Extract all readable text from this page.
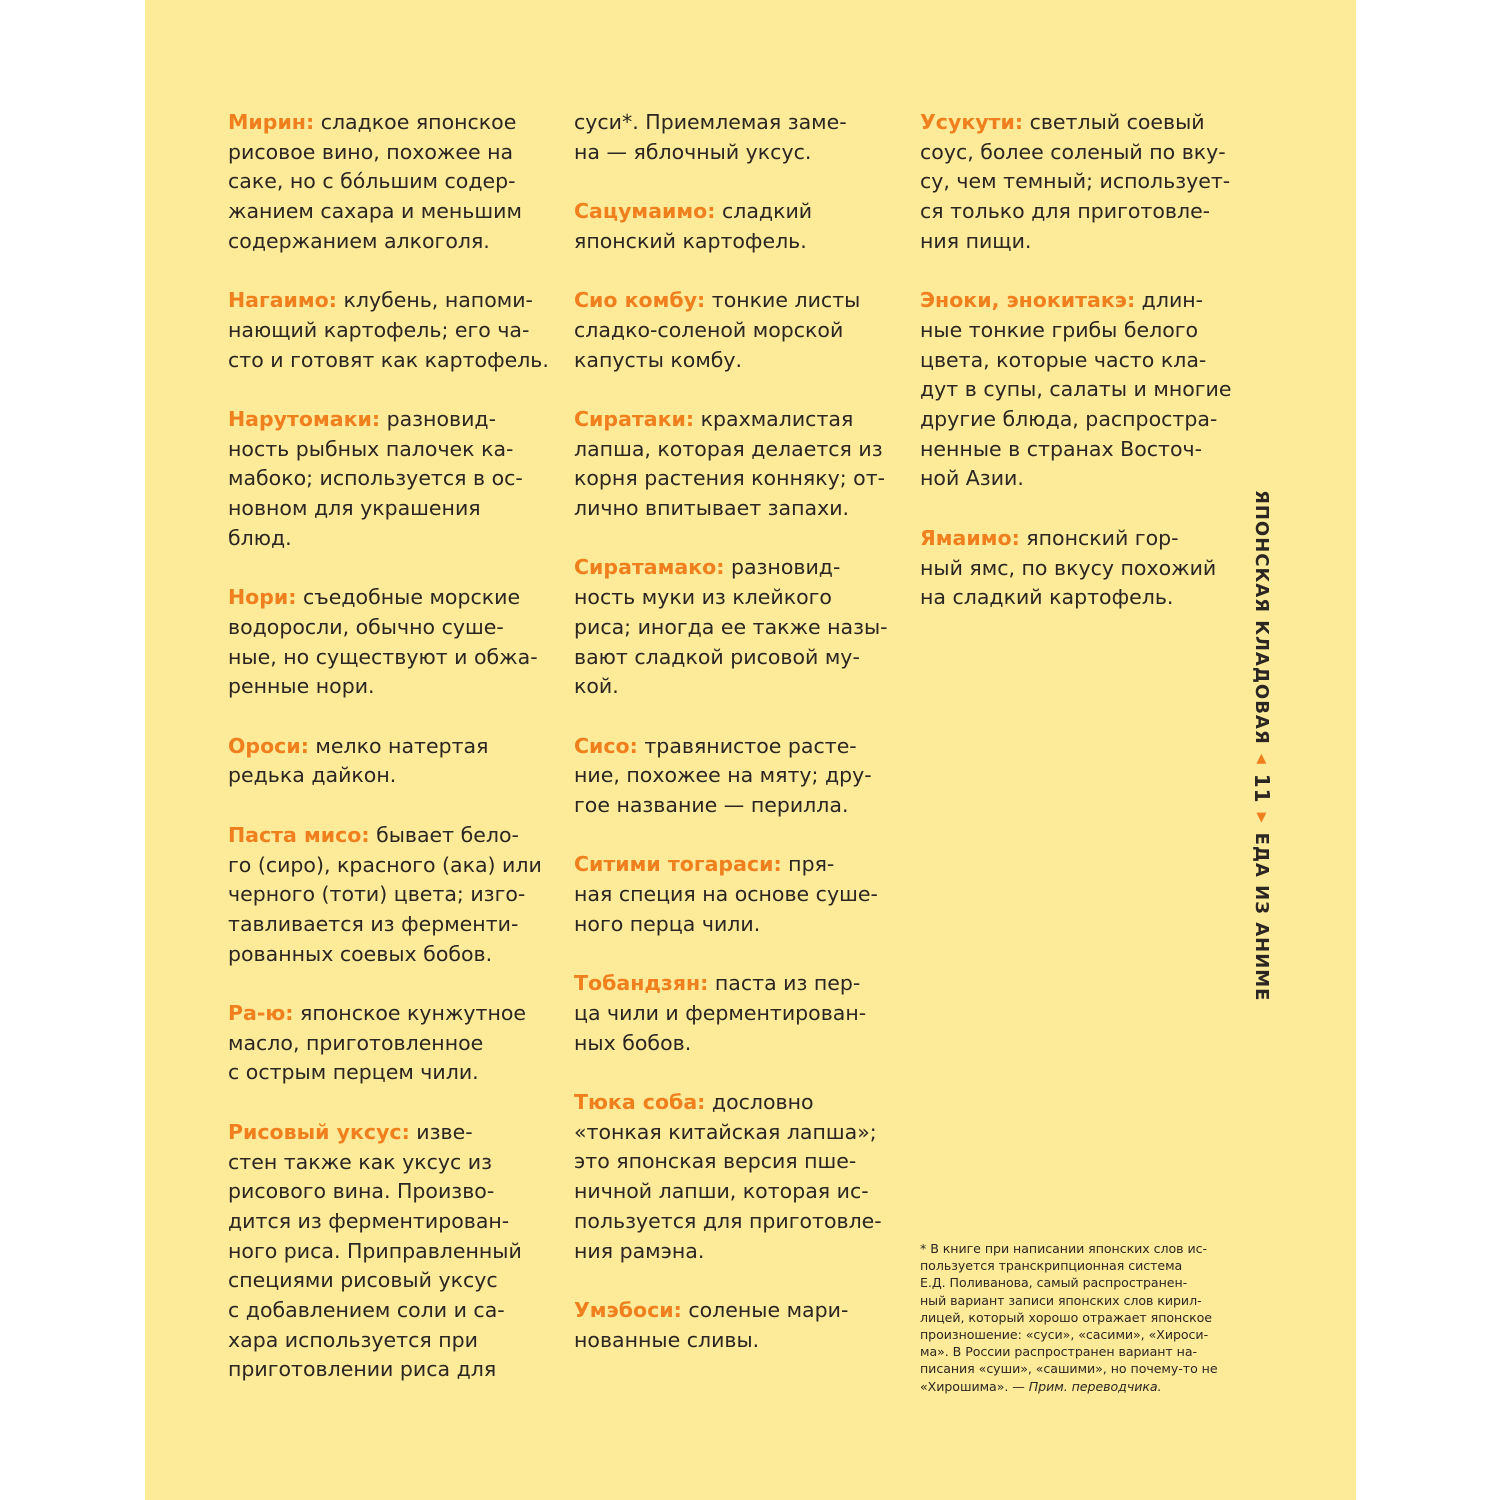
Мирин: сладкое японское
рисовое вино, похожее на
саке, но с бо́льшим содер-
жанием сахара и меньшим
содержанием алкоголя.
Нагаимо: клубень, напоми-
нающий картофель; его ча-
сто и готовят как картофель.
Нарутомаки: разновид-
ность рыбных палочек ка-
мабоко; используется в ос-
новном для украшения
блюд.
Нори: съедобные морские
водоросли, обычно суше-
ные, но существуют и обжа-
ренные нори.
Ороси: мелко натертая
редька дайкон.
Паста мисо: бывает бело-
го (сиро), красного (ака) или
черного (тоти) цвета; изго-
тавливается из ферменти-
рованных соевых бобов.
Ра-ю: японское кунжутное
масло, приготовленное
с острым перцем чили.
Рисовый уксус: изве-
стен также как уксус из
рисового вина. Произво-
дится из ферментирован-
ного риса. Приправленный
специями рисовый уксус
с добавлением соли и са-
хара используется при
приготовлении риса для
суси*. Приемлемая заме-
на — яблочный уксус.
Сацумаимо: сладкий
японский картофель.
Сио комбу: тонкие листы
сладко-соленой морской
капусты комбу.
Сиратаки: крахмалистая
лапша, которая делается из
корня растения конняку; от-
лично впитывает запахи.
Сиратамако: разновид-
ность муки из клейкого
риса; иногда ее также назы-
вают сладкой рисовой му-
кой.
Сисо: травянистое расте-
ние, похожее на мяту; дру-
гое название — перилла.
Ситими тогараси: пря-
ная специя на основе суше-
ного перца чили.
Тобандзян: паста из пер-
ца чили и ферментирован-
ных бобов.
Тюка соба: дословно
«тонкая китайская лапша»;
это японская версия пше-
ничной лапши, которая ис-
пользуется для приготовле-
ния рамэна.
Умэбоси: соленые мари-
нованные сливы.
Усукути: светлый соевый
соус, более соленый по вку-
су, чем темный; использует-
ся только для приготовле-
ния пищи.
Эноки, энокитакэ: длин-
ные тонкие грибы белого
цвета, которые часто кла-
дут в супы, салаты и многие
другие блюда, распростра-
ненные в странах Восточ-
ной Азии.
Ямаимо: японский гор-
ный ямс, по вкусу похожий
на сладкий картофель.
* В книге при написании японских слов ис-
пользуется транскрипционная система
Е.Д. Поливанова, самый распространен-
ный вариант записи японских слов кирил-
лицей, который хорошо отражает японское
произношение: «суси», «сасими», «Хироси-
ма». В России распространен вариант на-
писания «суши», «сашими», но почему-то не
«Хирошима». — Прим. переводчика.
ЯПОНСКАЯ КЛАДОВАЯ
◀
11
▶
ЕДА ИЗ АНИМЕ
